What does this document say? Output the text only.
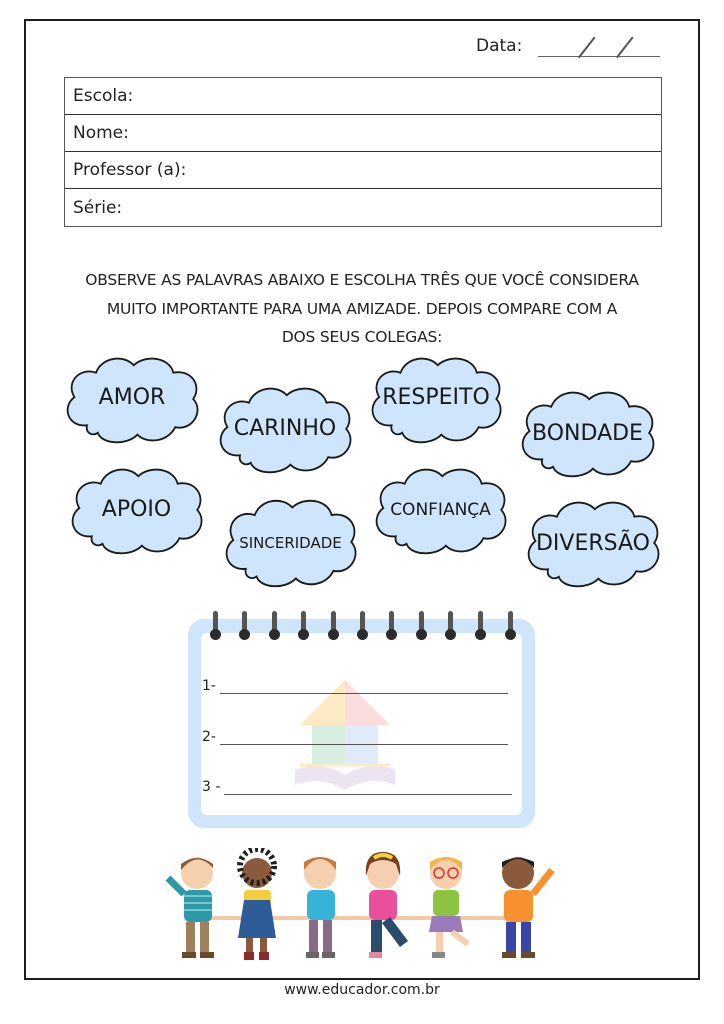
Data:
Escola:
Nome:
Professor (a):
Série:
OBSERVE AS PALAVRAS ABAIXO E ESCOLHA TRÊS QUE VOCÊ CONSIDERA
MUITO IMPORTANTE PARA UMA AMIZADE. DEPOIS COMPARE COM A
DOS SEUS COLEGAS:
AMOR
CARINHO
RESPEITO
BONDADE
APOIO
SINCERIDADE
CONFIANÇA
DIVERSÃO
1-
2-
3 -
www.educador.com.br
